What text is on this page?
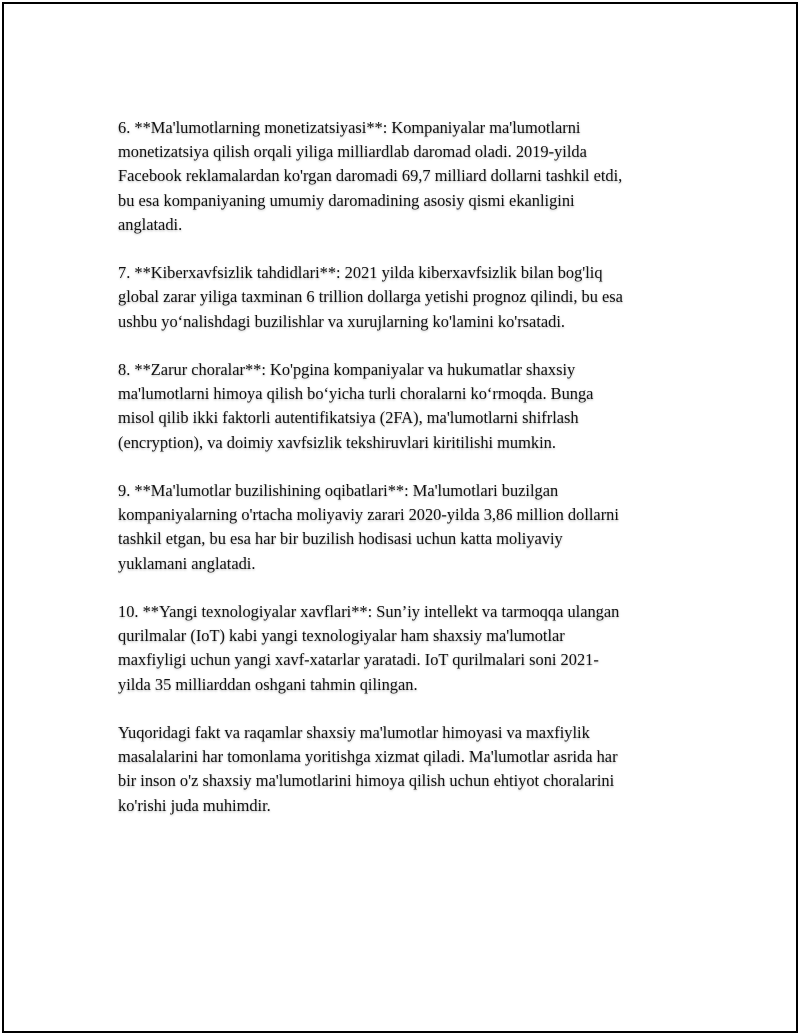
6. **Ma'lumotlarning monetizatsiyasi**: Kompaniyalar ma'lumotlarni
monetizatsiya qilish orqali yiliga milliardlab daromad oladi. 2019-yilda
Facebook reklamalardan ko'rgan daromadi 69,7 milliard dollarni tashkil etdi,
bu esa kompaniyaning umumiy daromadining asosiy qismi ekanligini
anglatadi.

7. **Kiberxavfsizlik tahdidlari**: 2021 yilda kiberxavfsizlik bilan bog'liq
global zarar yiliga taxminan 6 trillion dollarga yetishi prognoz qilindi, bu esa
ushbu yo‘nalishdagi buzilishlar va xurujlarning ko'lamini ko'rsatadi.

8. **Zarur choralar**: Ko'pgina kompaniyalar va hukumatlar shaxsiy
ma'lumotlarni himoya qilish bo‘yicha turli choralarni ko‘rmoqda. Bunga
misol qilib ikki faktorli autentifikatsiya (2FA), ma'lumotlarni shifrlash
(encryption), va doimiy xavfsizlik tekshiruvlari kiritilishi mumkin.

9. **Ma'lumotlar buzilishining oqibatlari**: Ma'lumotlari buzilgan
kompaniyalarning o'rtacha moliyaviy zarari 2020-yilda 3,86 million dollarni
tashkil etgan, bu esa har bir buzilish hodisasi uchun katta moliyaviy
yuklamani anglatadi.

10. **Yangi texnologiyalar xavflari**: Sun’iy intellekt va tarmoqqa ulangan
qurilmalar (IoT) kabi yangi texnologiyalar ham shaxsiy ma'lumotlar
maxfiyligi uchun yangi xavf-xatarlar yaratadi. IoT qurilmalari soni 2021-
yilda 35 milliarddan oshgani tahmin qilingan.

Yuqoridagi fakt va raqamlar shaxsiy ma'lumotlar himoyasi va maxfiylik
masalalarini har tomonlama yoritishga xizmat qiladi. Ma'lumotlar asrida har
bir inson o'z shaxsiy ma'lumotlarini himoya qilish uchun ehtiyot choralarini
ko'rishi juda muhimdir.
